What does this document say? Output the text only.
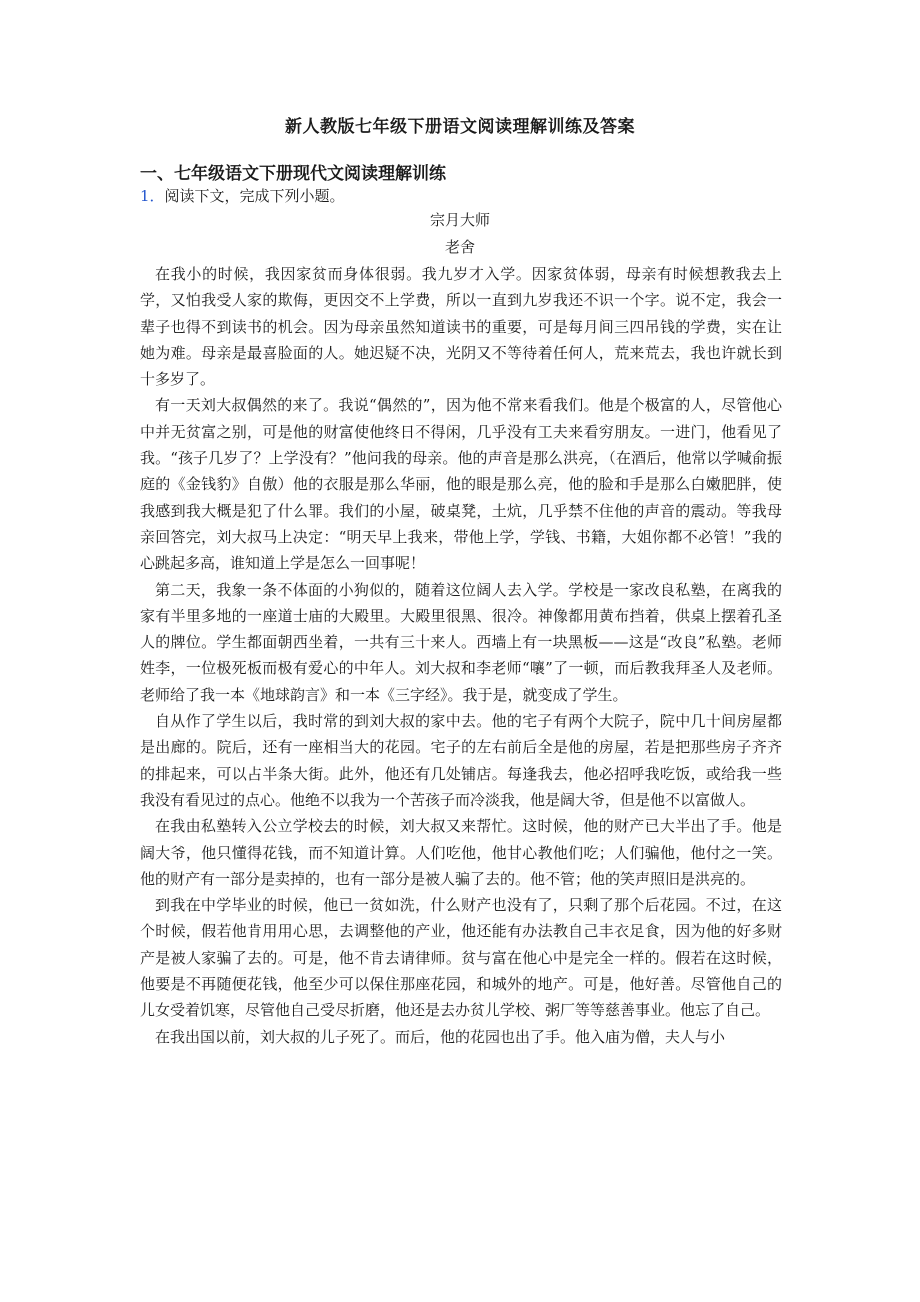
新人教版七年级下册语文阅读理解训练及答案
一、七年级语文下册现代文阅读理解训练
1．阅读下文，完成下列小题。
宗月大师
老舍

在我小的时候，我因家贫而身体很弱。我九岁才入学。因家贫体弱，母亲有时候想教我去上学，又怕我受人家的欺侮，更因交不上学费，所以一直到九岁我还不识一个字。说不定，我会一辈子也得不到读书的机会。因为母亲虽然知道读书的重要，可是每月间三四吊钱的学费，实在让她为难。母亲是最喜脸面的人。她迟疑不决，光阴又不等待着任何人，荒来荒去，我也许就长到十多岁了。

有一天刘大叔偶然的来了。我说“偶然的”，因为他不常来看我们。他是个极富的人，尽管他心中并无贫富之别，可是他的财富使他终日不得闲，几乎没有工夫来看穷朋友。一进门，他看见了我。“孩子几岁了？上学没有？”他问我的母亲。他的声音是那么洪亮，（在酒后，他常以学喊俞振庭的《金钱豹》自傲）他的衣服是那么华丽，他的眼是那么亮，他的脸和手是那么白嫩肥胖，使我感到我大概是犯了什么罪。我们的小屋，破桌凳，土炕，几乎禁不住他的声音的震动。等我母亲回答完，刘大叔马上决定：“明天早上我来，带他上学，学钱、书籍，大姐你都不必管！”我的心跳起多高，谁知道上学是怎么一回事呢！

第二天，我象一条不体面的小狗似的，随着这位阔人去入学。学校是一家改良私塾，在离我的家有半里多地的一座道士庙的大殿里。大殿里很黑、很冷。神像都用黄布挡着，供桌上摆着孔圣人的牌位。学生都面朝西坐着，一共有三十来人。西墙上有一块黑板——这是“改良”私塾。老师姓李，一位极死板而极有爱心的中年人。刘大叔和李老师“嚷”了一顿，而后教我拜圣人及老师。老师给了我一本《地球韵言》和一本《三字经》。我于是，就变成了学生。

自从作了学生以后，我时常的到刘大叔的家中去。他的宅子有两个大院子，院中几十间房屋都是出廊的。院后，还有一座相当大的花园。宅子的左右前后全是他的房屋，若是把那些房子齐齐的排起来，可以占半条大街。此外，他还有几处铺店。每逢我去，他必招呼我吃饭，或给我一些我没有看见过的点心。他绝不以我为一个苦孩子而冷淡我，他是阔大爷，但是他不以富做人。

在我由私塾转入公立学校去的时候，刘大叔又来帮忙。这时候，他的财产已大半出了手。他是阔大爷，他只懂得花钱，而不知道计算。人们吃他，他甘心教他们吃；人们骗他，他付之一笑。他的财产有一部分是卖掉的，也有一部分是被人骗了去的。他不管；他的笑声照旧是洪亮的。

到我在中学毕业的时候，他已一贫如洗，什么财产也没有了，只剩了那个后花园。不过，在这个时候，假若他肯用用心思，去调整他的产业，他还能有办法教自己丰衣足食，因为他的好多财产是被人家骗了去的。可是，他不肯去请律师。贫与富在他心中是完全一样的。假若在这时候，他要是不再随便花钱，他至少可以保住那座花园，和城外的地产。可是，他好善。尽管他自己的儿女受着饥寒，尽管他自己受尽折磨，他还是去办贫儿学校、粥厂等等慈善事业。他忘了自己。

在我出国以前，刘大叔的儿子死了。而后，他的花园也出了手。他入庙为僧，夫人与小
